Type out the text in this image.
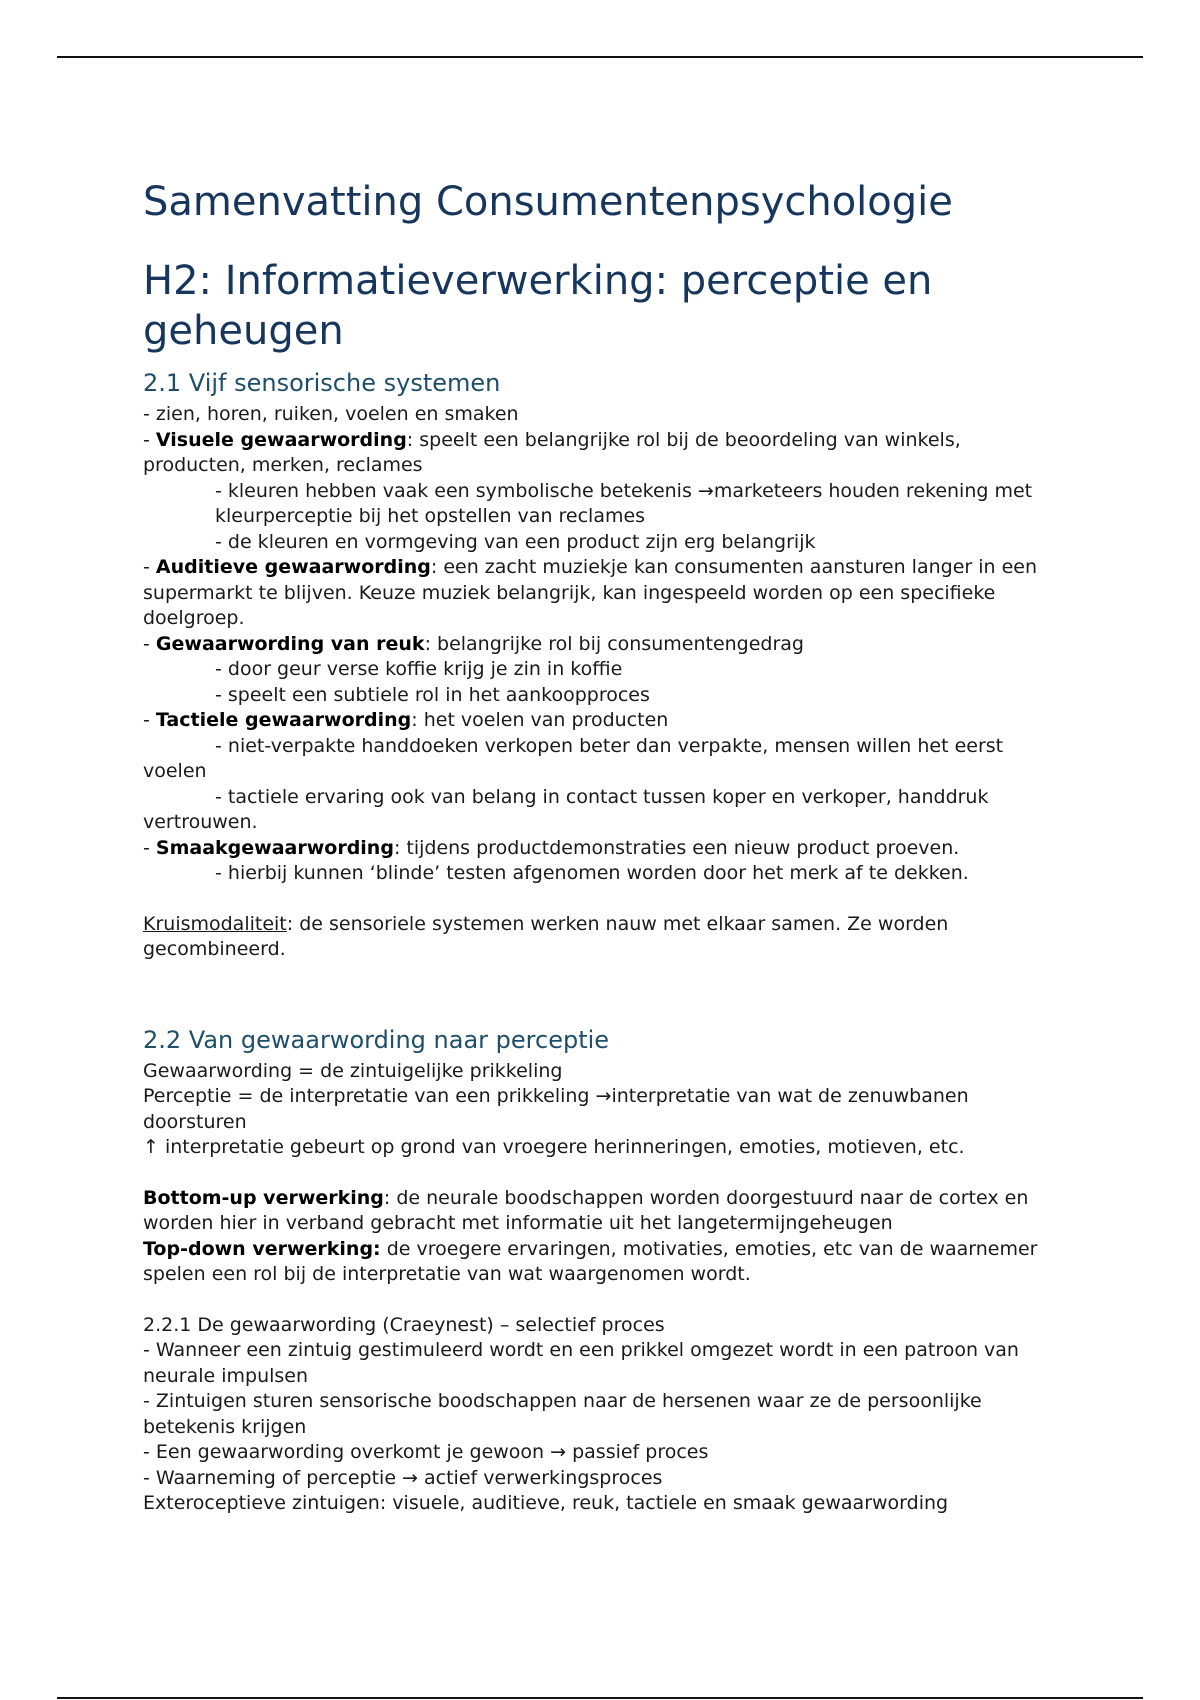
Samenvatting Consumentenpsychologie
H2: Informatieverwerking: perceptie en geheugen
2.1 Vijf sensorische systemen

- zien, horen, ruiken, voelen en smaken

- Visuele gewaarwording: speelt een belangrijke rol bij de beoordeling van winkels, producten, merken, reclames

- kleuren hebben vaak een symbolische betekenis →marketeers houden rekening met kleurperceptie bij het opstellen van reclames

- de kleuren en vormgeving van een product zijn erg belangrijk

- Auditieve gewaarwording: een zacht muziekje kan consumenten aansturen langer in een supermarkt te blijven. Keuze muziek belangrijk, kan ingespeeld worden op een specifieke doelgroep.

- Gewaarwording van reuk: belangrijke rol bij consumentengedrag

- door geur verse koffie krijg je zin in koffie

- speelt een subtiele rol in het aankoopproces

- Tactiele gewaarwording: het voelen van producten

- niet-verpakte handdoeken verkopen beter dan verpakte, mensen willen het eerst

voelen

- tactiele ervaring ook van belang in contact tussen koper en verkoper, handdruk

vertrouwen.

- Smaakgewaarwording: tijdens productdemonstraties een nieuw product proeven.

- hierbij kunnen ‘blinde’ testen afgenomen worden door het merk af te dekken.

Kruismodaliteit: de sensoriele systemen werken nauw met elkaar samen. Ze worden gecombineerd.

2.2 Van gewaarwording naar perceptie

Gewaarwording = de zintuigelijke prikkeling

Perceptie = de interpretatie van een prikkeling →interpretatie van wat de zenuwbanen doorsturen

↑ interpretatie gebeurt op grond van vroegere herinneringen, emoties, motieven, etc.

Bottom-up verwerking: de neurale boodschappen worden doorgestuurd naar de cortex en worden hier in verband gebracht met informatie uit het langetermijngeheugen

Top-down verwerking: de vroegere ervaringen, motivaties, emoties, etc van de waarnemer spelen een rol bij de interpretatie van wat waargenomen wordt.

2.2.1 De gewaarwording (Craeynest) – selectief proces

- Wanneer een zintuig gestimuleerd wordt en een prikkel omgezet wordt in een patroon van neurale impulsen

- Zintuigen sturen sensorische boodschappen naar de hersenen waar ze de persoonlijke betekenis krijgen

- Een gewaarwording overkomt je gewoon → passief proces

- Waarneming of perceptie → actief verwerkingsproces

Exteroceptieve zintuigen: visuele, auditieve, reuk, tactiele en smaak gewaarwording
